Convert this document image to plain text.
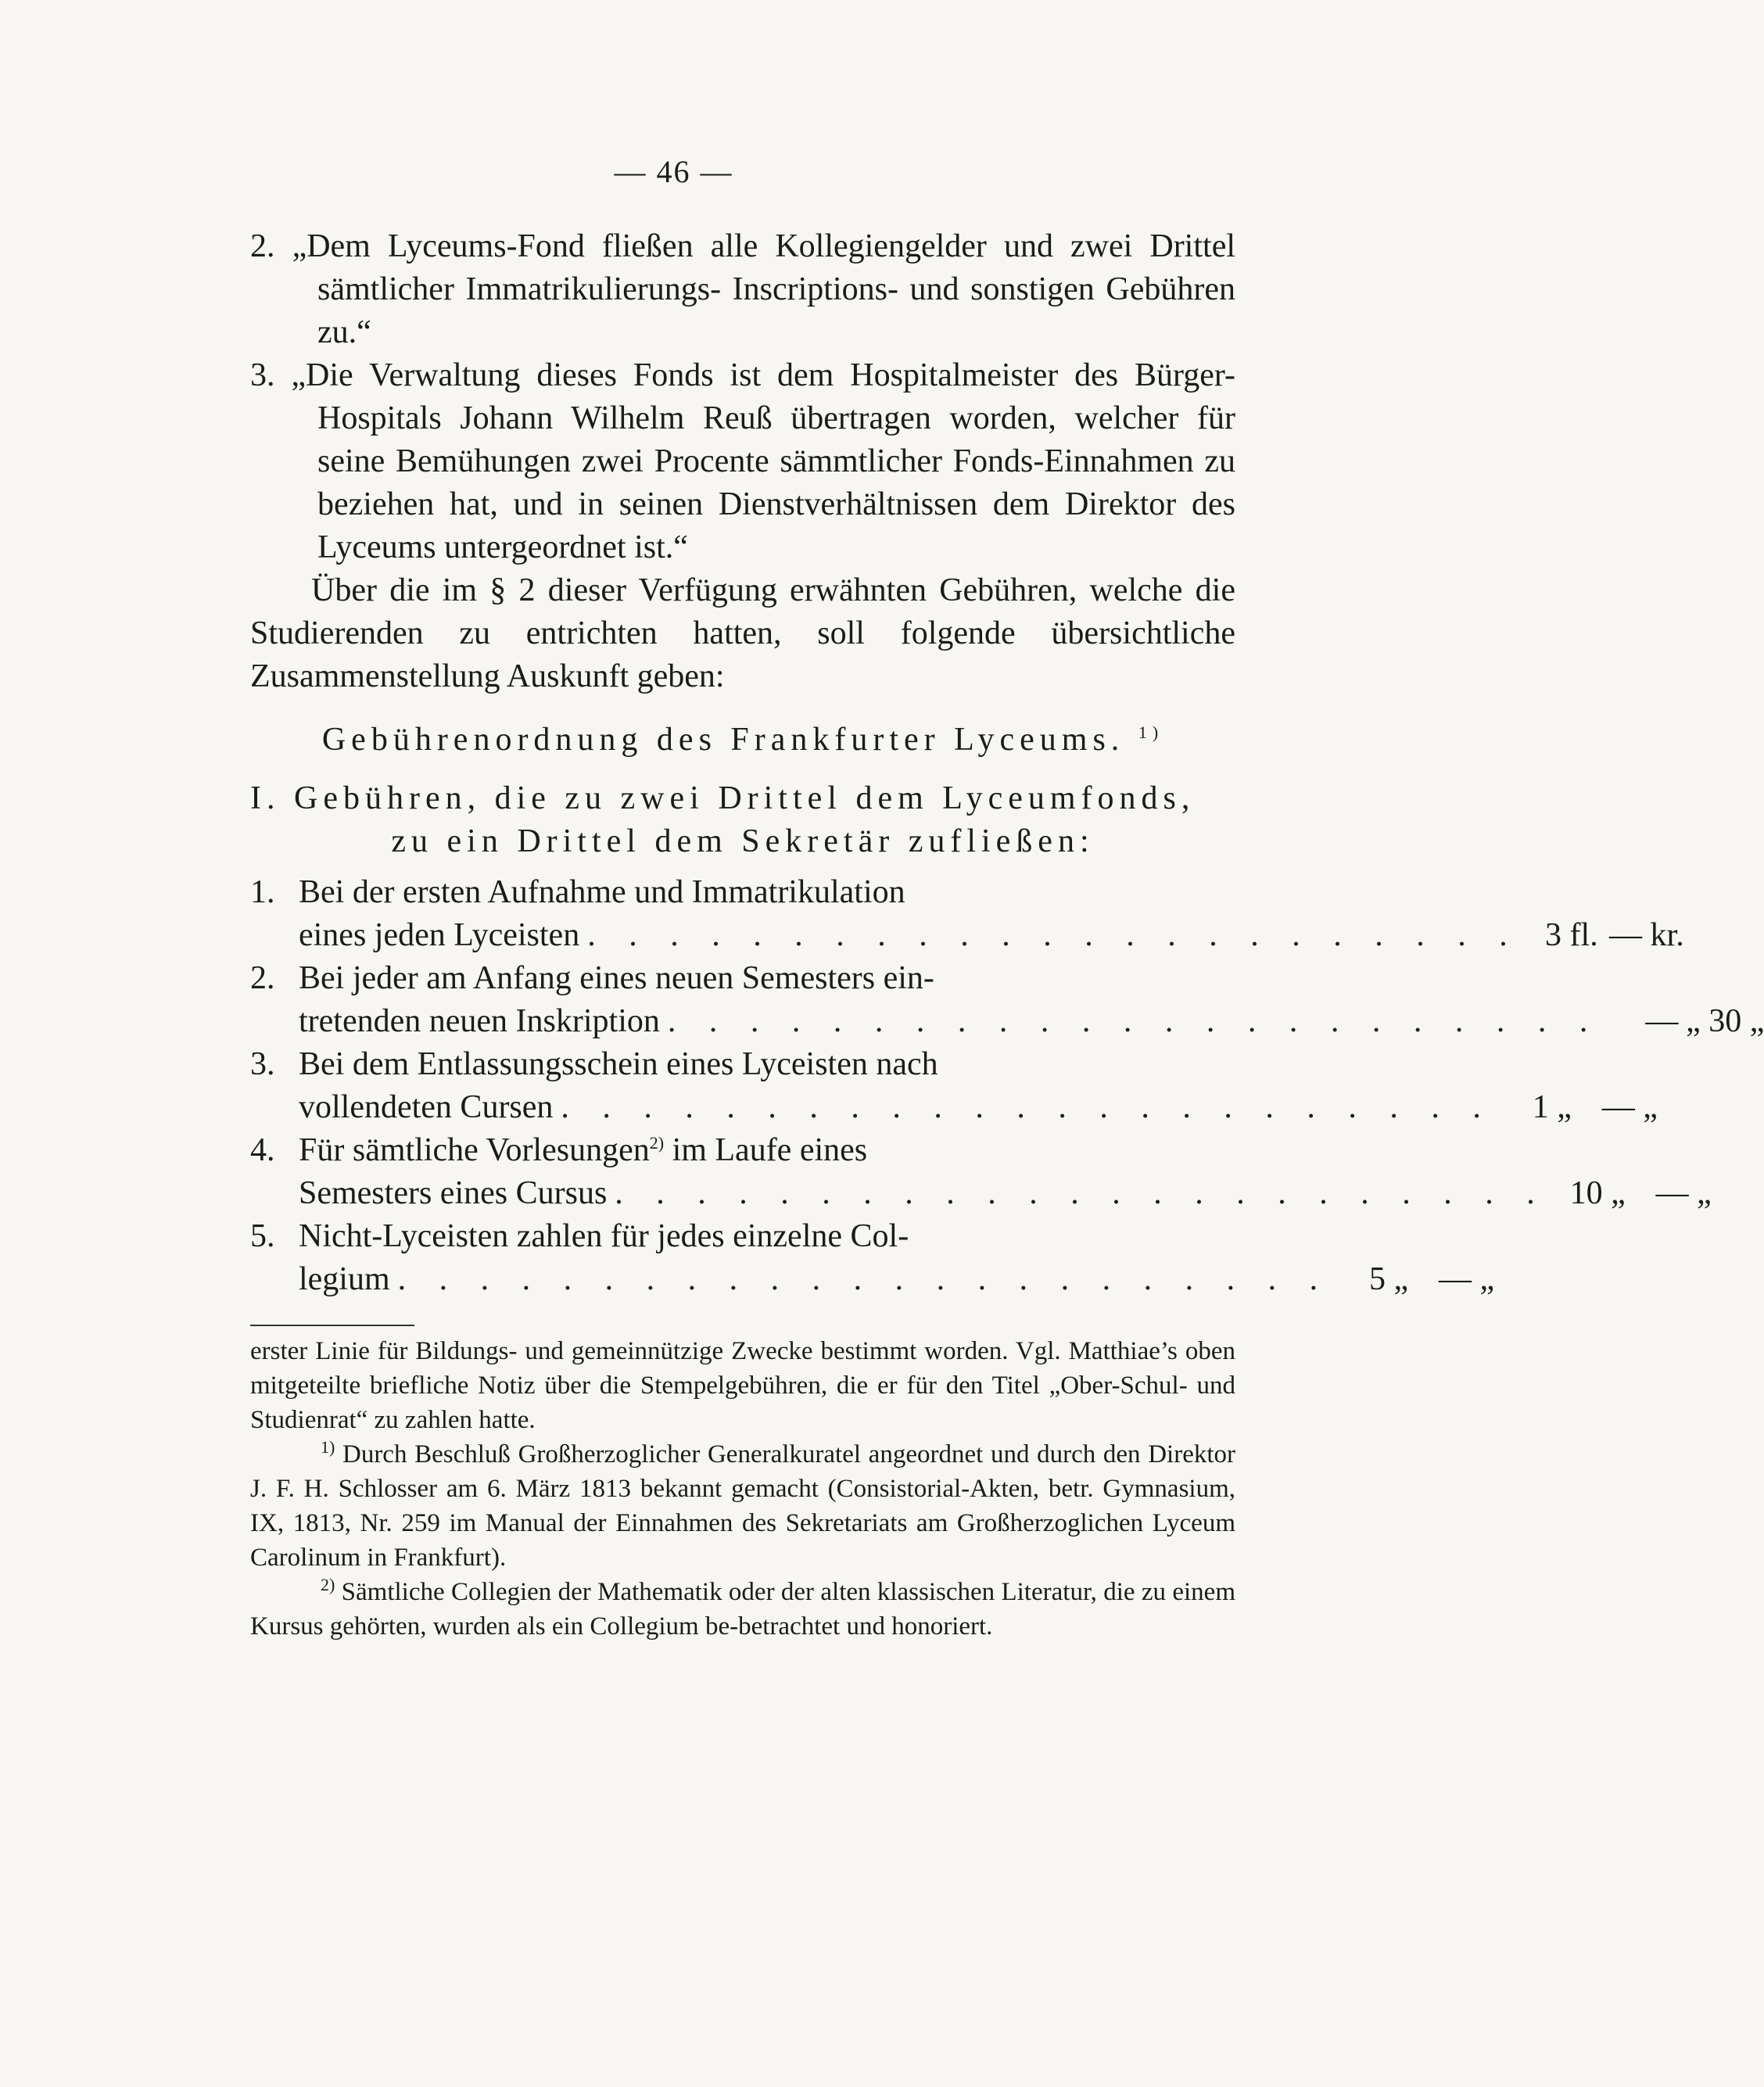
— 46 —

2. „Dem Lyceums-Fond fließen alle Kollegiengelder und zwei Drittel sämtlicher Immatrikulierungs- Inscriptions- und sonstigen Gebühren zu.“

3. „Die Verwaltung dieses Fonds ist dem Hospitalmeister des Bürger-Hospitals Johann Wilhelm Reuß übertragen worden, welcher für seine Bemühungen zwei Procente sämmtlicher Fonds-Einnahmen zu beziehen hat, und in seinen Dienstverhältnissen dem Direktor des Lyceums untergeordnet ist.“

Über die im § 2 dieser Verfügung erwähnten Gebühren, welche die Studierenden zu entrichten hatten, soll folgende übersichtliche Zusammenstellung Auskunft geben:

Gebührenordnung des Frankfurter Lyceums. $^{1)}$

I. Gebühren, die zu zwei Drittel dem Lyceumfonds,

zu ein Drittel dem Sekretär zufließen:

1. Bei der ersten Aufnahme und Immatrikulation
eines jeden Lyceisten . . . . . . . . . . . . . . . . . . . . . . . 3 fl. — kr.
2. Bei jeder am Anfang eines neuen Semesters ein-
tretenden neuen Inskription . . . . . . . . . . . . . . . . . . . . . . .	— „ 30 „
3. Bei dem Entlassungsschein eines Lyceisten nach
vollendeten Cursen . . . . . . . . . . . . . . . . . . . . . . .	1 „ — „
4. Für sämtliche Vorlesungen$^{2)}$ im Laufe eines
Semesters eines Cursus . . . . . . . . . . . . . . . . . . . . . . . 10 „ — „
5. Nicht-Lyceisten zahlen für jedes einzelne Col-
legium . . . . . . . . . . . . . . . . . . . . . . .	5 „ — „

erster Linie für Bildungs- und gemeinnützige Zwecke bestimmt worden. Vgl. Matthiae’s oben mitgeteilte briefliche Notiz über die Stempelgebühren, die er für den Titel „Ober-Schul- und Studienrat“ zu zahlen hatte.

$^{1)}$ Durch Beschluß Großherzoglicher Generalkuratel angeordnet und durch den Direktor J. F. H. Schlosser am 6. März 1813 bekannt gemacht (Consistorial-Akten, betr. Gymnasium, IX, 1813, Nr. 259 im Manual der Einnahmen des Sekretariats am Großherzoglichen Lyceum Carolinum in Frankfurt).

$^{2)}$ Sämtliche Collegien der Mathematik oder der alten klassischen Literatur, die zu einem Kursus gehörten, wurden als ein Collegium be-betrachtet und honoriert.
